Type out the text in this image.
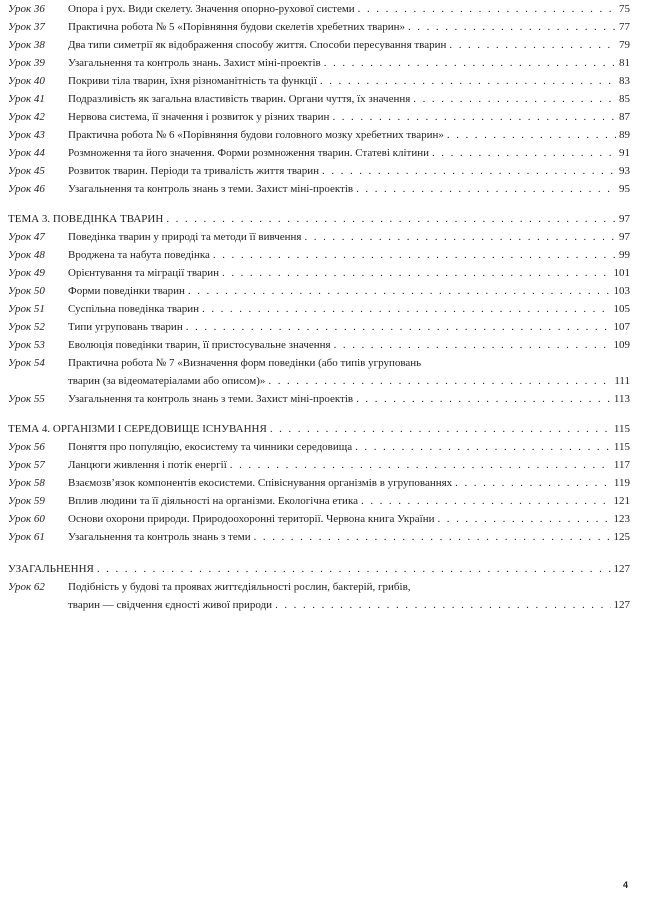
Урок 36 Опора і рух. Види скелету. Значення опорно-рухової системи . . .	75
Урок 37 Практична робота № 5 «Порівняння будови скелетів хребетних тварин» . . .	77
Урок 38 Два типи симетрії як відображення способу життя. Способи пересування тварин . . .	79
Урок 39 Узагальнення та контроль знань. Захист міні-проектів . . .	81
Урок 40 Покриви тіла тварин, їхня різноманітність та функції . . .	83
Урок 41 Подразливість як загальна властивість тварин. Органи чуття, їх значення . . .	85
Урок 42 Нервова система, її значення і розвиток у різних тварин . . .	87
Урок 43 Практична робота № 6 «Порівняння будови головного мозку хребетних тварин» . . .	89
Урок 44 Розмноження та його значення. Форми розмноження тварин. Статеві клітини . . .	91
Урок 45 Розвиток тварин. Періоди та тривалість життя тварин . . .	93
Урок 46 Узагальнення та контроль знань з теми. Захист міні-проектів . . .	95
ТЕМА 3. ПОВЕДІНКА ТВАРИН . . .	97
Урок 47 Поведінка тварин у природі та методи її вивчення . . .	97
Урок 48 Вроджена та набута поведінка . . .	99
Урок 49 Орієнтування та міграції тварин . . .	101
Урок 50 Форми поведінки тварин . . .	103
Урок 51 Суспільна поведінка тварин . . .	105
Урок 52 Типи угруповань тварин . . .	107
Урок 53 Еволюція поведінки тварин, її пристосувальне значення . . .	109
Урок 54 Практична робота № 7 «Визначення форм поведінки (або типів угруповань
тварин (за відеоматеріалами або описом)» . . .	111
Урок 55 Узагальнення та контроль знань з теми. Захист міні-проектів . . .	113
ТЕМА 4. ОРГАНІЗМИ І СЕРЕДОВИЩЕ ІСНУВАННЯ . . .	115
Урок 56 Поняття про популяцію, екосистему та чинники середовища . . .	115
Урок 57 Ланцюги живлення і потік енергії . . .	117
Урок 58 Взаємозв’язок компонентів екосистеми. Співіснування організмів в угрупованнях . . .	119
Урок 59 Вплив людини та її діяльності на організми. Екологічна етика . . .	121
Урок 60 Основи охорони природи. Природоохоронні території. Червона книга України . . .	123
Урок 61 Узагальнення та контроль знань з теми . . .	125
УЗАГАЛЬНЕННЯ . . .	127
Урок 62 Подібність у будові та проявах життєдіяльності рослин, бактерій, грибів,
тварин — свідчення єдності живої природи . . .	127
4
